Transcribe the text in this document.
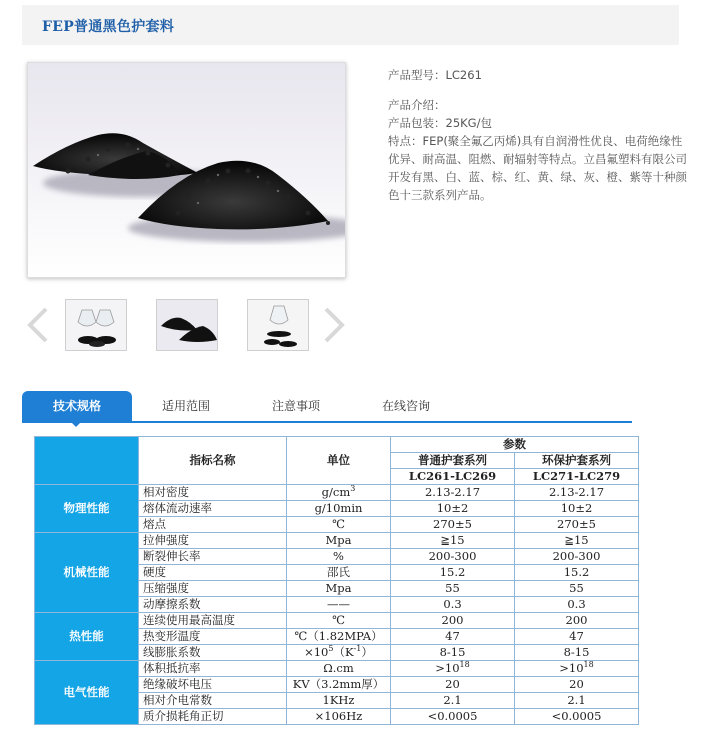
FEP普通黑色护套料
产品型号：LC261
产品介绍：
产品包装：25KG/包
特点：FEP(聚全氟乙丙烯)具有自润滑性优良、电荷绝缘性优异、耐高温、阻燃、耐辐射等特点。立昌氟塑料有限公司开发有黑、白、蓝、棕、红、黄、绿、灰、橙、紫等十种颜色十三款系列产品。
技术规格	适用范围	注意事项	在线咨询
	指标名称	单位	参数	
			普通护套系列	环保护套系列
			LC261-LC269	LC271-LC279
物理性能	相对密度	$g/cm^3$	2.13-2.17	2.13-2.17
	熔体流动速率	g/10min	10±2	10±2
	熔点	℃	270±5	270±5
机械性能	拉伸强度	Mpa	≧15	≧15
	断裂伸长率	%	200-300	200-300
	硬度	邵氏	15.2	15.2
	压缩强度	Mpa	55	55
	动摩擦系数	——	0.3	0.3
热性能	连续使用最高温度	℃	200	200
	热变形温度	℃（1.82MPA）	47	47
	线膨胀系数	$\times 10^5(K^{-1})$	8-15	8-15
电气性能	体积抵抗率	Ω.cm	$>10^{18}$	$>10^{18}$
	绝缘破坏电压	KV（3.2mm厚）	20	20
	相对介电常数	1KHz	2.1	2.1
	质介损耗角正切	×106Hz	<0.0005	<0.0005
